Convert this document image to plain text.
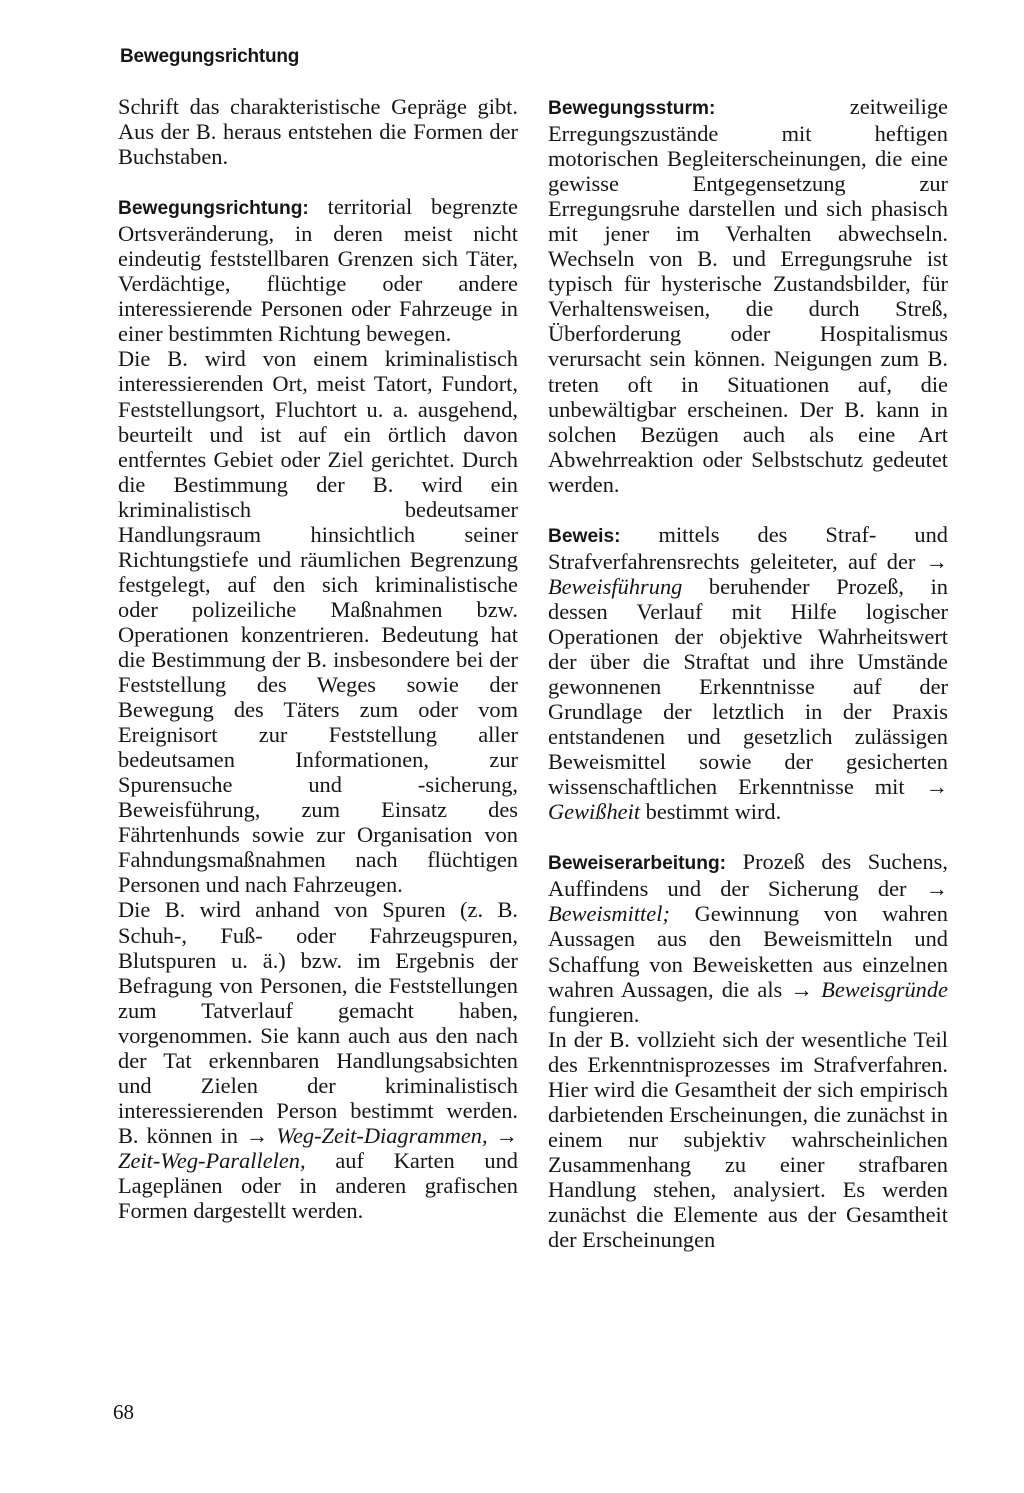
Bewegungsrichtung

Schrift das charakteristische Gepräge gibt. Aus der B. heraus entstehen die Formen der Buchstaben.

Bewegungsrichtung: territorial begrenzte Ortsveränderung, in deren meist nicht eindeutig feststellbaren Grenzen sich Täter, Verdächtige, flüchtige oder andere interessierende Personen oder Fahrzeuge in einer bestimmten Richtung bewegen.

Die B. wird von einem kriminalistisch interessierenden Ort, meist Tatort, Fundort, Feststellungsort, Fluchtort u. a. ausgehend, beurteilt und ist auf ein örtlich davon entferntes Gebiet oder Ziel gerichtet. Durch die Bestimmung der B. wird ein kriminalistisch bedeutsamer Handlungsraum hinsichtlich seiner Richtungstiefe und räumlichen Begrenzung festgelegt, auf den sich kriminalistische oder polizeiliche Maßnahmen bzw. Operationen konzentrieren. Bedeutung hat die Bestimmung der B. insbesondere bei der Feststellung des Weges sowie der Bewegung des Täters zum oder vom Ereignisort zur Feststellung aller bedeutsamen Informationen, zur Spurensuche und -sicherung, Beweisführung, zum Einsatz des Fährtenhunds sowie zur Organisation von Fahndungsmaßnahmen nach flüchtigen Personen und nach Fahrzeugen.

Die B. wird anhand von Spuren (z. B. Schuh-, Fuß- oder Fahrzeugspuren, Blutspuren u. ä.) bzw. im Ergebnis der Befragung von Personen, die Feststellungen zum Tatverlauf gemacht haben, vorgenommen. Sie kann auch aus den nach der Tat erkennbaren Handlungsabsichten und Zielen der kriminalistisch interessierenden Person bestimmt werden. B. können in → Weg-Zeit-Diagrammen, → Zeit-Weg-Parallelen, auf Karten und Lageplänen oder in anderen grafischen Formen dargestellt werden.

Bewegungssturm: zeitweilige Erregungszustände mit heftigen motorischen Begleiterscheinungen, die eine gewisse Entgegensetzung zur Erregungsruhe darstellen und sich phasisch mit jener im Verhalten abwechseln. Wechseln von B. und Erregungsruhe ist typisch für hysterische Zustandsbilder, für Verhaltensweisen, die durch Streß, Überforderung oder Hospitalismus verursacht sein können. Neigungen zum B. treten oft in Situationen auf, die unbewältigbar erscheinen. Der B. kann in solchen Bezügen auch als eine Art Abwehrreaktion oder Selbstschutz gedeutet werden.

Beweis: mittels des Straf- und Strafverfahrensrechts geleiteter, auf der → Beweisführung beruhender Prozeß, in dessen Verlauf mit Hilfe logischer Operationen der objektive Wahrheitswert der über die Straftat und ihre Umstände gewonnenen Erkenntnisse auf der Grundlage der letztlich in der Praxis entstandenen und gesetzlich zulässigen Beweismittel sowie der gesicherten wissenschaftlichen Erkenntnisse mit → Gewißheit bestimmt wird.

Beweiserarbeitung: Prozeß des Suchens, Auffindens und der Sicherung der → Beweismittel; Gewinnung von wahren Aussagen aus den Beweismitteln und Schaffung von Beweisketten aus einzelnen wahren Aussagen, die als → Beweisgründe fungieren.

In der B. vollzieht sich der wesentliche Teil des Erkenntnisprozesses im Strafverfahren. Hier wird die Gesamtheit der sich empirisch darbietenden Erscheinungen, die zunächst in einem nur subjektiv wahrscheinlichen Zusammenhang zu einer strafbaren Handlung stehen, analysiert. Es werden zunächst die Elemente aus der Gesamtheit der Erscheinungen

68
